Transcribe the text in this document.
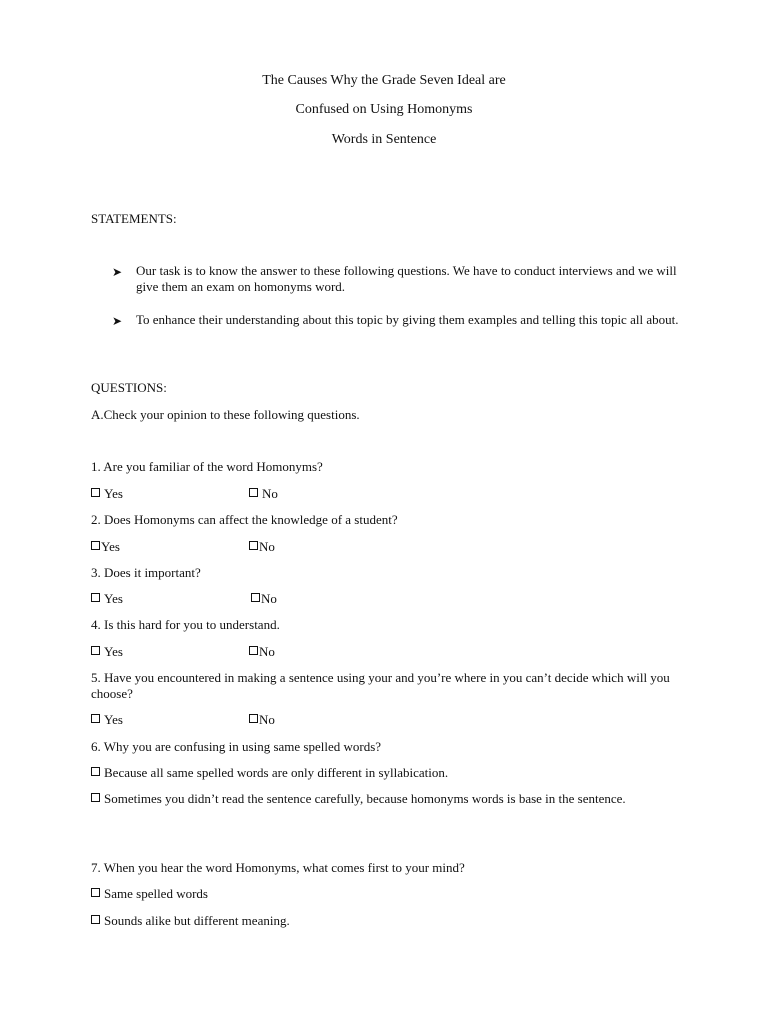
The Causes Why the Grade Seven Ideal are
Confused on Using Homonyms
Words in Sentence
STATEMENTS:
➤ Our task is to know the answer to these following questions. We have to conduct interviews and we will give them an exam on homonyms word.
➤ To enhance their understanding about this topic by giving them examples and telling this topic all about.
QUESTIONS:
A.Check your opinion to these following questions.
1. Are you familiar of the word Homonyms?
Yes	No
2. Does Homonyms can affect the knowledge of a student?
Yes	No
3. Does it important?
Yes	No
4. Is this hard for you to understand.
Yes	No
5. Have you encountered in making a sentence using your and you’re where in you can’t decide which will you choose?
Yes	No
6. Why you are confusing in using same spelled words?
Because all same spelled words are only different in syllabication.
Sometimes you didn’t read the sentence carefully, because homonyms words is base in the sentence.
7. When you hear the word Homonyms, what comes first to your mind?
Same spelled words
Sounds alike but different meaning.
